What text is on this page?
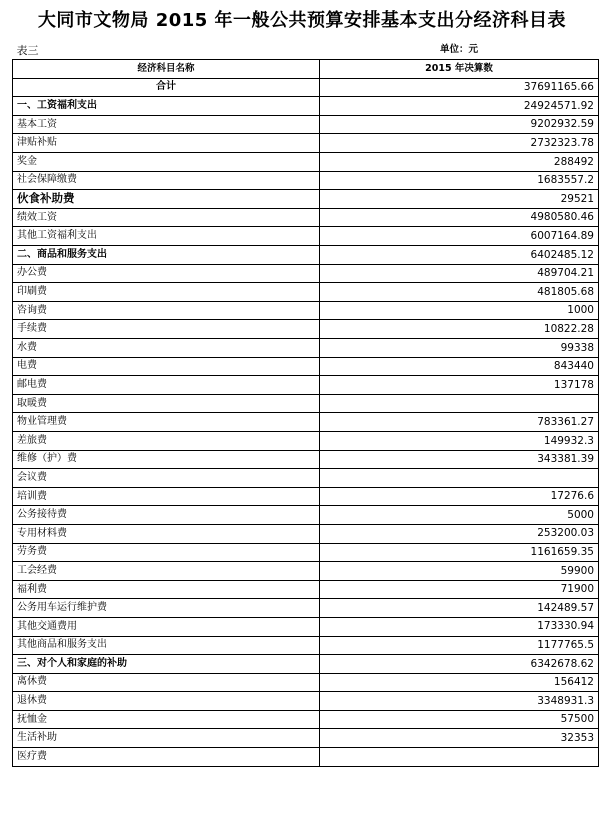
大同市文物局 2015 年一般公共预算安排基本支出分经济科目表
表三	单位：元
经济科目名称	2015 年决算数
合计	37691165.66
一、工资福利支出	24924571.92
基本工资	9202932.59
津贴补贴	2732323.78
奖金	288492
社会保障缴费	1683557.2
伙食补助费	29521
绩效工资	4980580.46
其他工资福利支出	6007164.89
二、商品和服务支出	6402485.12
办公费	489704.21
印刷费	481805.68
咨询费	1000
手续费	10822.28
水费	99338
电费	843440
邮电费	137178
取暖费	
物业管理费	783361.27
差旅费	149932.3
维修（护）费	343381.39
会议费	
培训费	17276.6
公务接待费	5000
专用材料费	253200.03
劳务费	1161659.35
工会经费	59900
福利费	71900
公务用车运行维护费	142489.57
其他交通费用	173330.94
其他商品和服务支出	1177765.5
三、对个人和家庭的补助	6342678.62
离休费	156412
退休费	3348931.3
抚恤金	57500
生活补助	32353
医疗费	
